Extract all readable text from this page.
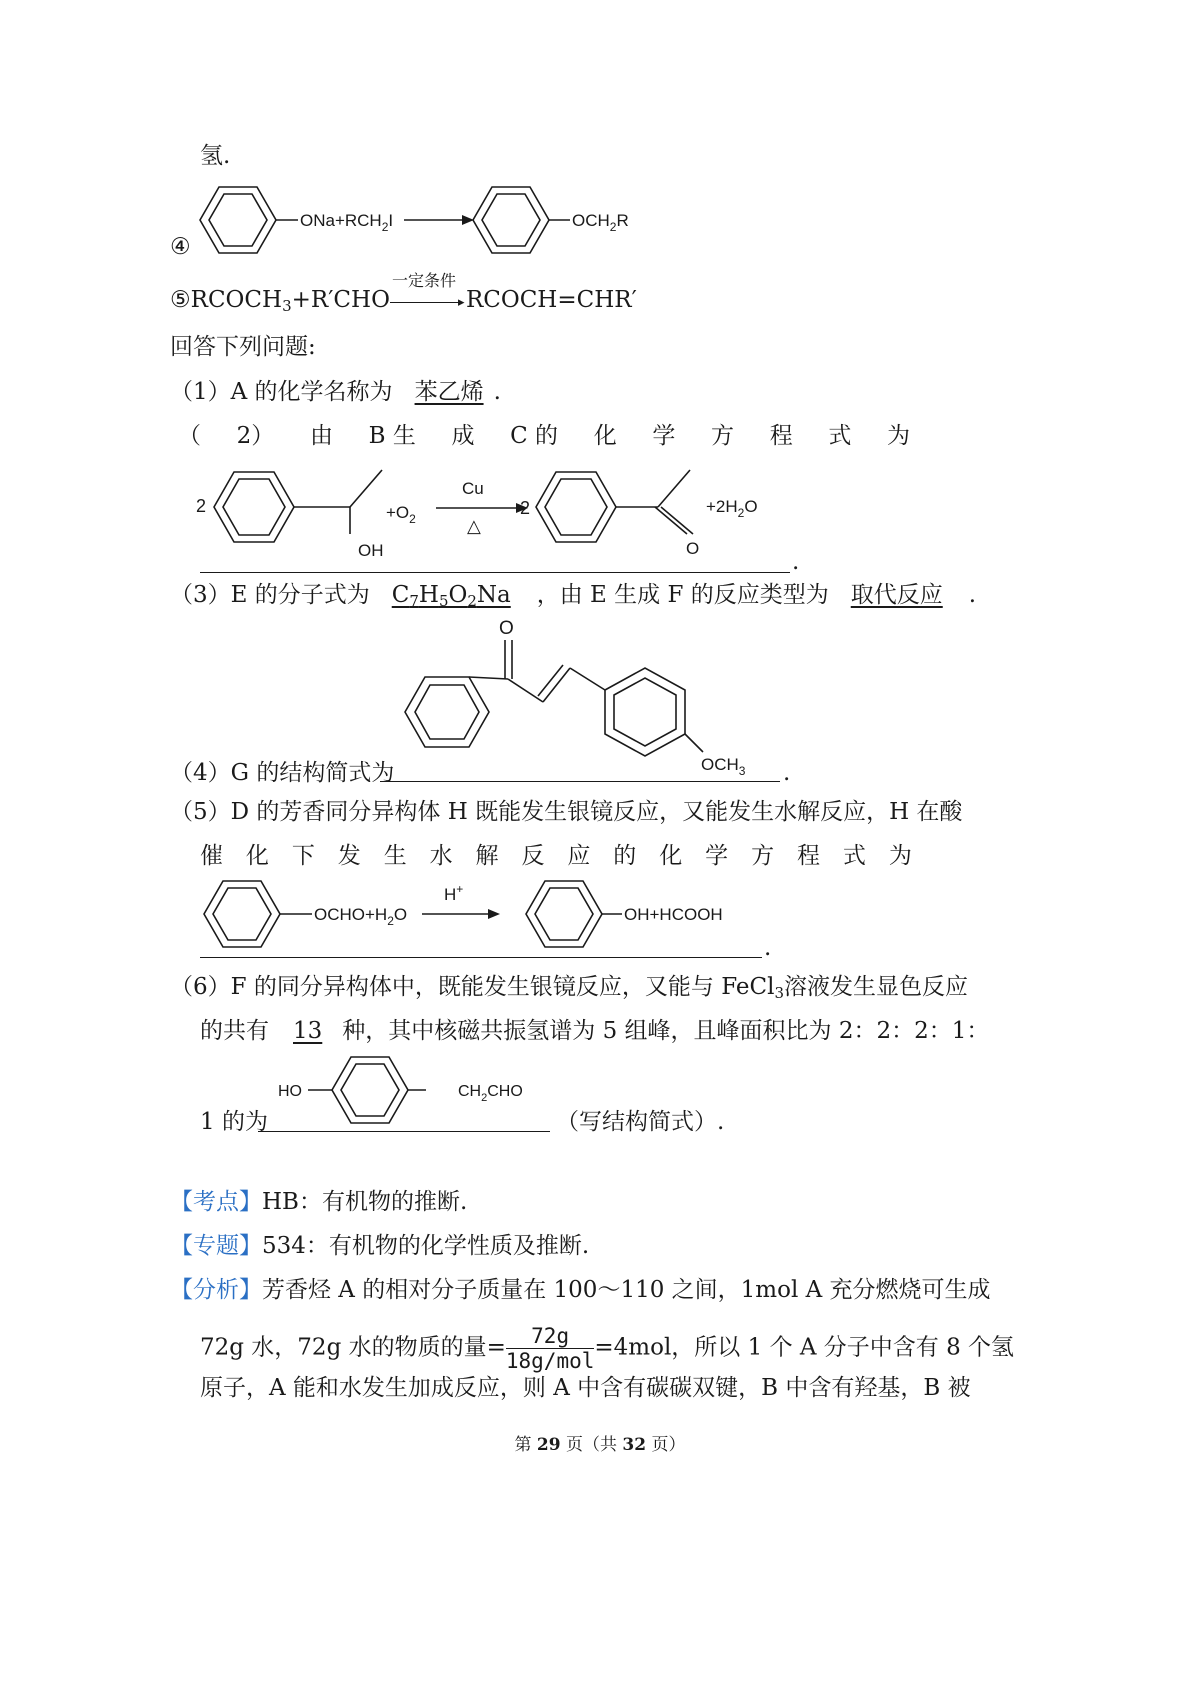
氢.
④
$ONa+RCH_2I$	$OCH_2R$
$⑤RCOCH_3+R'CHO$
一定条件
▸ RCOCH=CHR′
回答下列问题:
（1）A 的化学名称为 苯乙烯 .
（ 2） 由 B 生 成 C 的 化 学 方 程 式 为
2
OH
$+O_2$
Cu
△
2
O
$+2H_2O$
.
（3）E 的分子式为 $C_7H_5O_2Na$ ，由 E 生成 F 的反应类型为 取代反应 .
O
$OCH_3$
（4）G 的结构简式为	.
（5）D 的芳香同分异构体 H 既能发生银镜反应，又能发生水解反应，H 在酸
催 化 下 发 生 水 解 反 应 的 化 学 方 程 式 为
$OCHO+H_2O$
H+
OH+HCOOH
.
（6）F 的同分异构体中，既能发生银镜反应，又能与 FeCl$_3$溶液发生显色反应
的共有 13 种，其中核磁共振氢谱为 5 组峰，且峰面积比为 2：2：2：1：
HO	$CH_2CHO$
1 的为	（写结构简式）.
【考点】HB：有机物的推断.
【专题】534：有机物的化学性质及推断.
【分析】芳香烃 A 的相对分子质量在 100～110 之间，1mol A 充分燃烧可生成
72g 水，72g 水的物质的量= $\frac{72g}{\text{18g/mol}} =4mol$，所以 1 个 A 分子中含有 8 个氢
原子，A 能和水发生加成反应，则 A 中含有碳碳双键，B 中含有羟基，B 被
第 29 页（共 32 页）
